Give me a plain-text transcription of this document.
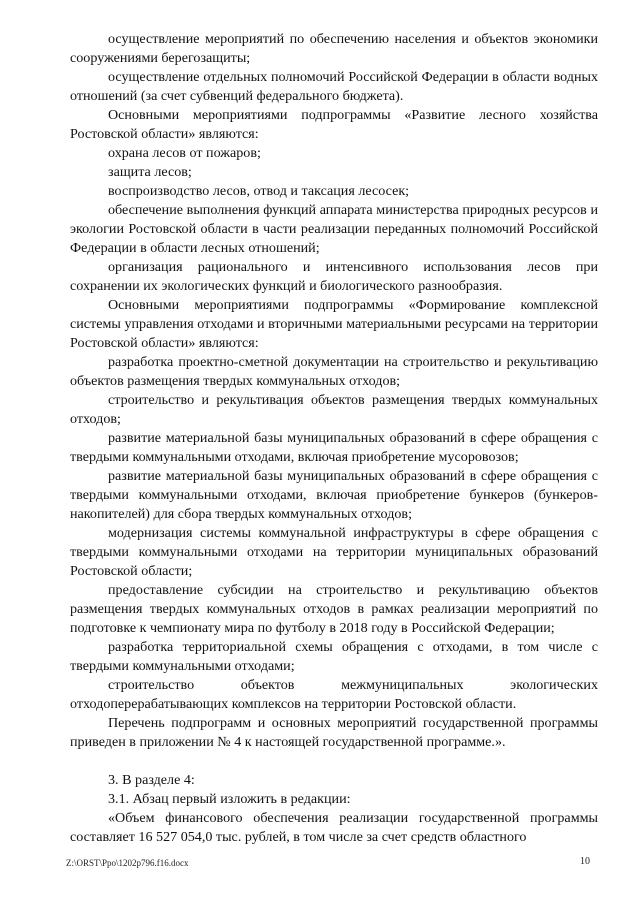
осуществление мероприятий по обеспечению населения и объектов экономики сооружениями берегозащиты;

осуществление отдельных полномочий Российской Федерации в области водных отношений (за счет субвенций федерального бюджета).

Основными мероприятиями подпрограммы «Развитие лесного хозяйства Ростовской области» являются:

охрана лесов от пожаров;

защита лесов;

воспроизводство лесов, отвод и таксация лесосек;

обеспечение выполнения функций аппарата министерства природных ресурсов и экологии Ростовской области в части реализации переданных полномочий Российской Федерации в области лесных отношений;

организация рационального и интенсивного использования лесов при сохранении их экологических функций и биологического разнообразия.

Основными мероприятиями подпрограммы «Формирование комплексной системы управления отходами и вторичными материальными ресурсами на территории Ростовской области» являются:

разработка проектно-сметной документации на строительство и рекультивацию объектов размещения твердых коммунальных отходов;

строительство и рекультивация объектов размещения твердых коммунальных отходов;

развитие материальной базы муниципальных образований в сфере обращения с твердыми коммунальными отходами, включая приобретение мусоровозов;

развитие материальной базы муниципальных образований в сфере обращения с твердыми коммунальными отходами, включая приобретение бункеров (бункеров-накопителей) для сбора твердых коммунальных отходов;

модернизация системы коммунальной инфраструктуры в сфере обращения с твердыми коммунальными отходами на территории муниципальных образований Ростовской области;

предоставление субсидии на строительство и рекультивацию объектов размещения твердых коммунальных отходов в рамках реализации мероприятий по подготовке к чемпионату мира по футболу в 2018 году в Российской Федерации;

разработка территориальной схемы обращения с отходами, в том числе с твердыми коммунальными отходами;

строительство объектов межмуниципальных экологических отходоперерабатывающих комплексов на территории Ростовской области.

Перечень подпрограмм и основных мероприятий государственной программы приведен в приложении № 4 к настоящей государственной программе.».

3. В разделе 4:

3.1. Абзац первый изложить в редакции:

«Объем финансового обеспечения реализации государственной программы составляет 16 527 054,0 тыс. рублей, в том числе за счет средств областного

Z:\ORST\Ppo\1202p796.f16.docx	10
